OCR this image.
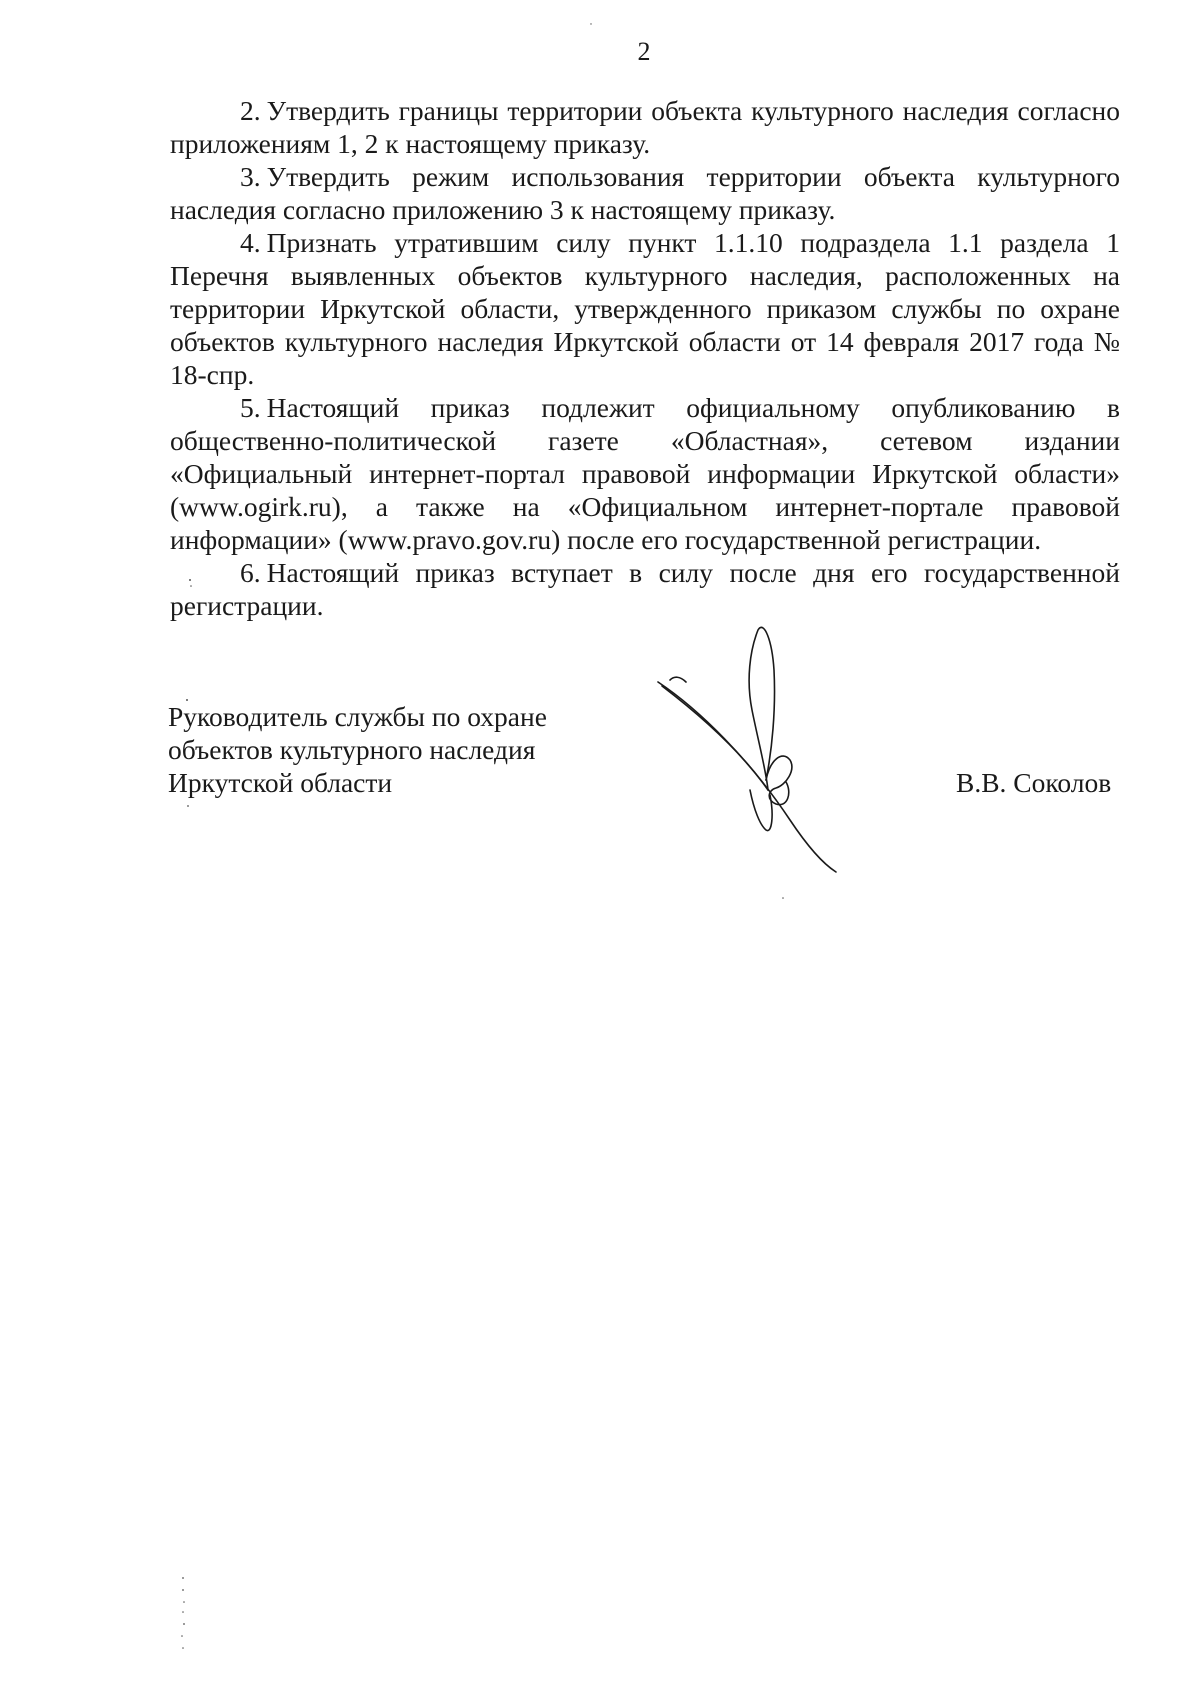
2

2. Утвердить границы территории объекта культурного наследия согласно приложениям 1, 2 к настоящему приказу.

3. Утвердить режим использования территории объекта культурного наследия согласно приложению 3 к настоящему приказу.

4. Признать утратившим силу пункт 1.1.10 подраздела 1.1 раздела 1 Перечня выявленных объектов культурного наследия, расположенных на территории Иркутской области, утвержденного приказом службы по охране объектов культурного наследия Иркутской области от 14 февраля 2017 года № 18-спр.

5. Настоящий приказ подлежит официальному опубликованию в общественно-политической газете «Областная», сетевом издании «Официальный интернет-портал правовой информации Иркутской области» (www.ogirk.ru), а также на «Официальном интернет-портале правовой информации» (www.pravo.gov.ru) после его государственной регистрации.

6. Настоящий приказ вступает в силу после дня его государственной регистрации.

Руководитель службы по охране
объектов культурного наследия
Иркутской области	В.В. Соколов
